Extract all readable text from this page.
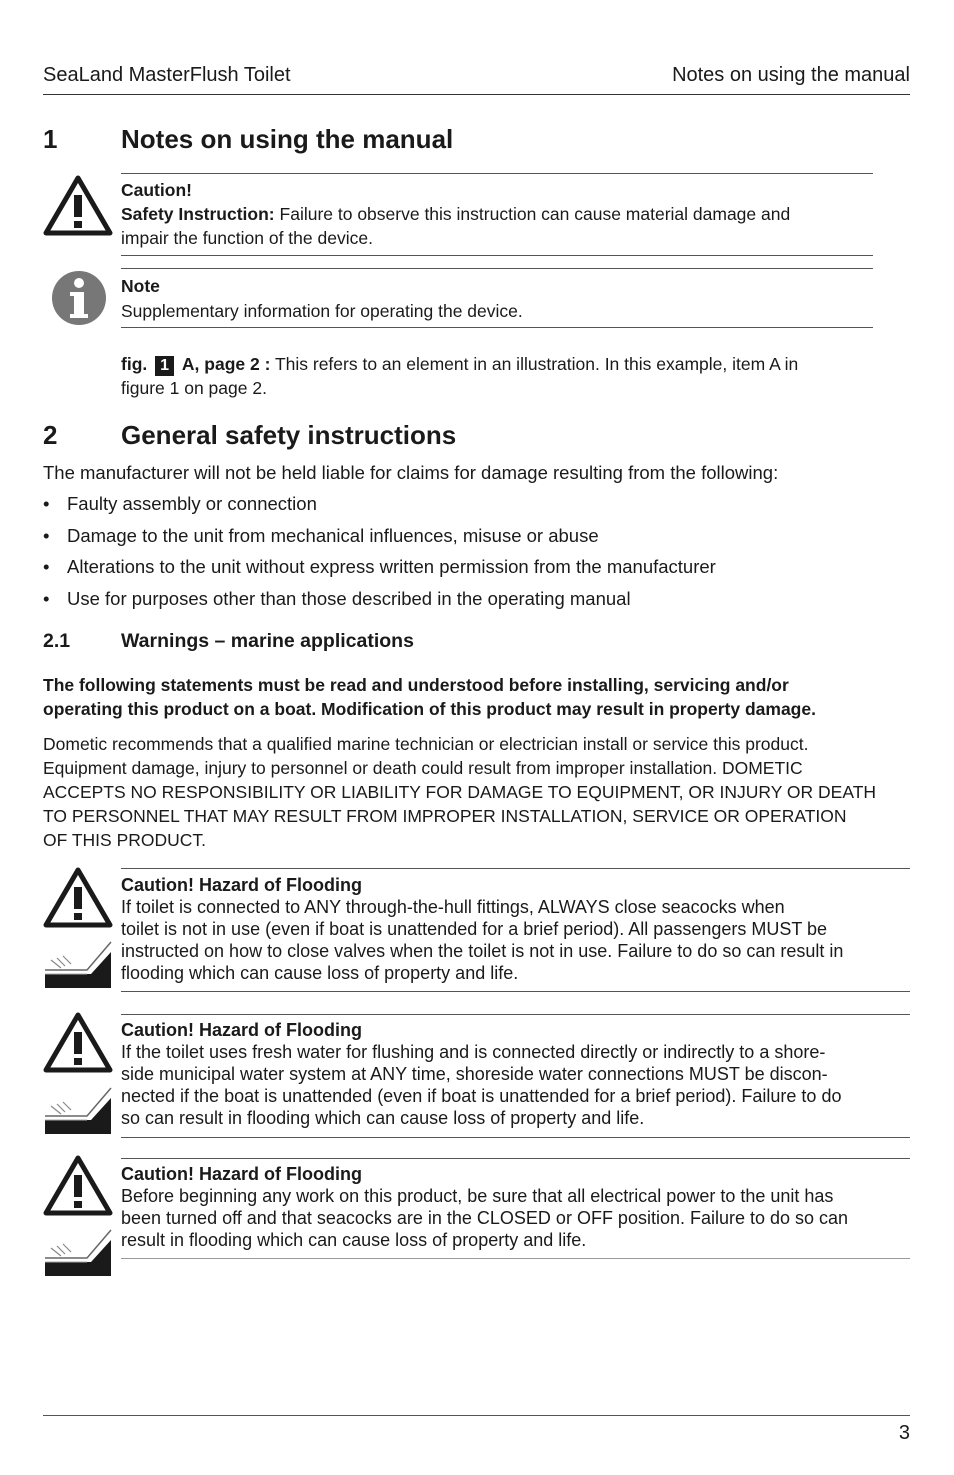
SeaLand MasterFlush Toilet	Notes on using the manual
1 Notes on using the manual
Caution!
Safety Instruction: Failure to observe this instruction can cause material damage and
impair the function of the device.
Note
Supplementary information for operating the device.
fig. 1 A, page 2 : This refers to an element in an illustration. In this example, item A in
figure 1 on page 2.
2 General safety instructions
The manufacturer will not be held liable for claims for damage resulting from the following:
• Faulty assembly or connection
• Damage to the unit from mechanical influences, misuse or abuse
• Alterations to the unit without express written permission from the manufacturer
• Use for purposes other than those described in the operating manual
2.1	Warnings – marine applications
The following statements must be read and understood before installing, servicing and/or
operating this product on a boat. Modification of this product may result in property damage.
Dometic recommends that a qualified marine technician or electrician install or service this product.
Equipment damage, injury to personnel or death could result from improper installation. DOMETIC
ACCEPTS NO RESPONSIBILITY OR LIABILITY FOR DAMAGE TO EQUIPMENT, OR INJURY OR DEATH
TO PERSONNEL THAT MAY RESULT FROM IMPROPER INSTALLATION, SERVICE OR OPERATION
OF THIS PRODUCT.
Caution! Hazard of Flooding
If toilet is connected to ANY through-the-hull fittings, ALWAYS close seacocks when
toilet is not in use (even if boat is unattended for a brief period). All passengers MUST be
instructed on how to close valves when the toilet is not in use. Failure to do so can result in
flooding which can cause loss of property and life.
Caution! Hazard of Flooding
If the toilet uses fresh water for flushing and is connected directly or indirectly to a shore-
side municipal water system at ANY time, shoreside water connections MUST be discon-
nected if the boat is unattended (even if boat is unattended for a brief period). Failure to do
so can result in flooding which can cause loss of property and life.
Caution! Hazard of Flooding
Before beginning any work on this product, be sure that all electrical power to the unit has
been turned off and that seacocks are in the CLOSED or OFF position. Failure to do so can
result in flooding which can cause loss of property and life.
3
